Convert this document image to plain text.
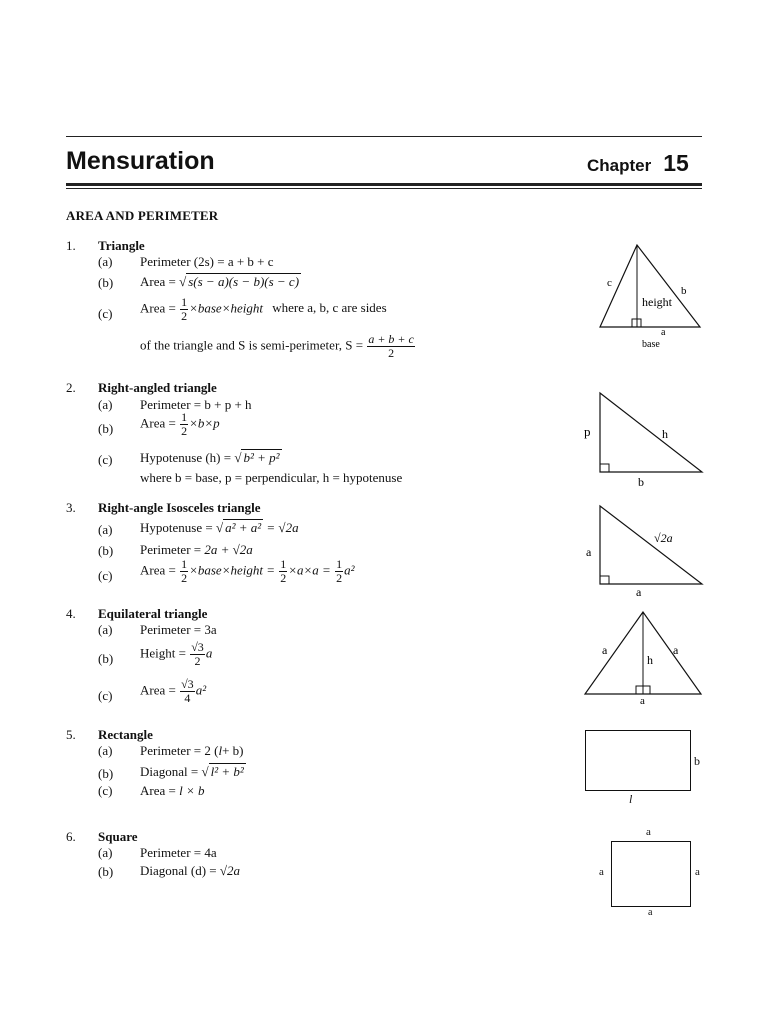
Mensuration	Chapter 15
AREA AND PERIMETER
1. Triangle
(a) Perimeter (2s) = a + b + c
(b) Area = √ s(s − a)(s − b)(s − c)
(c) Area = $\frac{1}{2}$ ×base×height where a, b, c are sides
of the triangle and S is semi-perimeter, $S = \frac{a + b + c}{2}$
c
b
height
a
base
2. Right-angled triangle
(a) Perimeter = b + p + h
(b) Area = $\frac{1}{2} \times b\times p$
(c) Hypotenuse (h) = √ b² + p²
where b = base, p = perpendicular, h = hypotenuse
p	h
b
3. Right-angle Isosceles triangle
(a) Hypotenuse = √ a² + a² = √2a
(b) Perimeter = 2a + √2a
(c) Area = $\frac{1}{2}$ ×base×height = $\frac{1}{2} \times a\times a = \frac{1}{2} a^2$
√2a
a
a
4. Equilateral triangle
(a) Perimeter = 3a
(b) Height = $\frac{√3}{2}$ a
(c) Area = $\frac{√3}{4} a^2$
a	a
h
a
5. Rectangle
(a) Perimeter = 2 (l+ b)
(b) Diagonal = √ l² + b²
(c) Area = l × b
b
l
6. Square
(a) Perimeter = 4a
(b) Diagonal (d) = √2a
a
a	a
a
